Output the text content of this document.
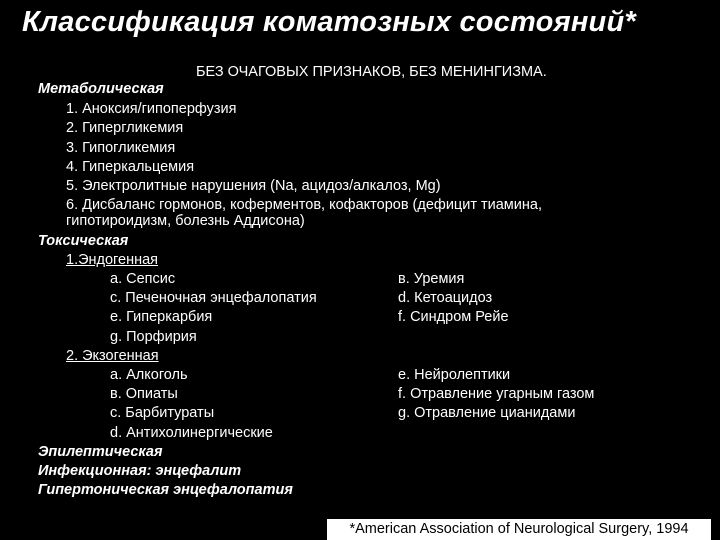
Классификация коматозных состояний*
БЕЗ ОЧАГОВЫХ ПРИЗНАКОВ, БЕЗ МЕНИНГИЗМА.
Метаболическая
1. Аноксия/гипоперфузия
2. Гипергликемия
3. Гипогликемия
4. Гиперкальцемия
5. Электролитные нарушения (Na, ацидоз/алкалоз, Mg)
6. Дисбаланс гормонов, коферментов, кофакторов (дефицит тиамина,
гипотироидизм, болезнь Аддисона)
Токсическая
1.Эндогенная
a. Сепсис	в. Уремия
c. Печеночная энцефалопатия	d. Кетоацидоз
e. Гиперкарбия	f. Синдром Рейе
g. Порфирия
2. Экзогенная
a. Алкоголь	e. Нейролептики
в. Опиаты	f. Отравление угарным газом
c. Барбитураты	g. Отравление цианидами
d. Антихолинергические
Эпилептическая
Инфекционная: энцефалит
Гипертоническая энцефалопатия
*American Association of Neurological Surgery, 1994
